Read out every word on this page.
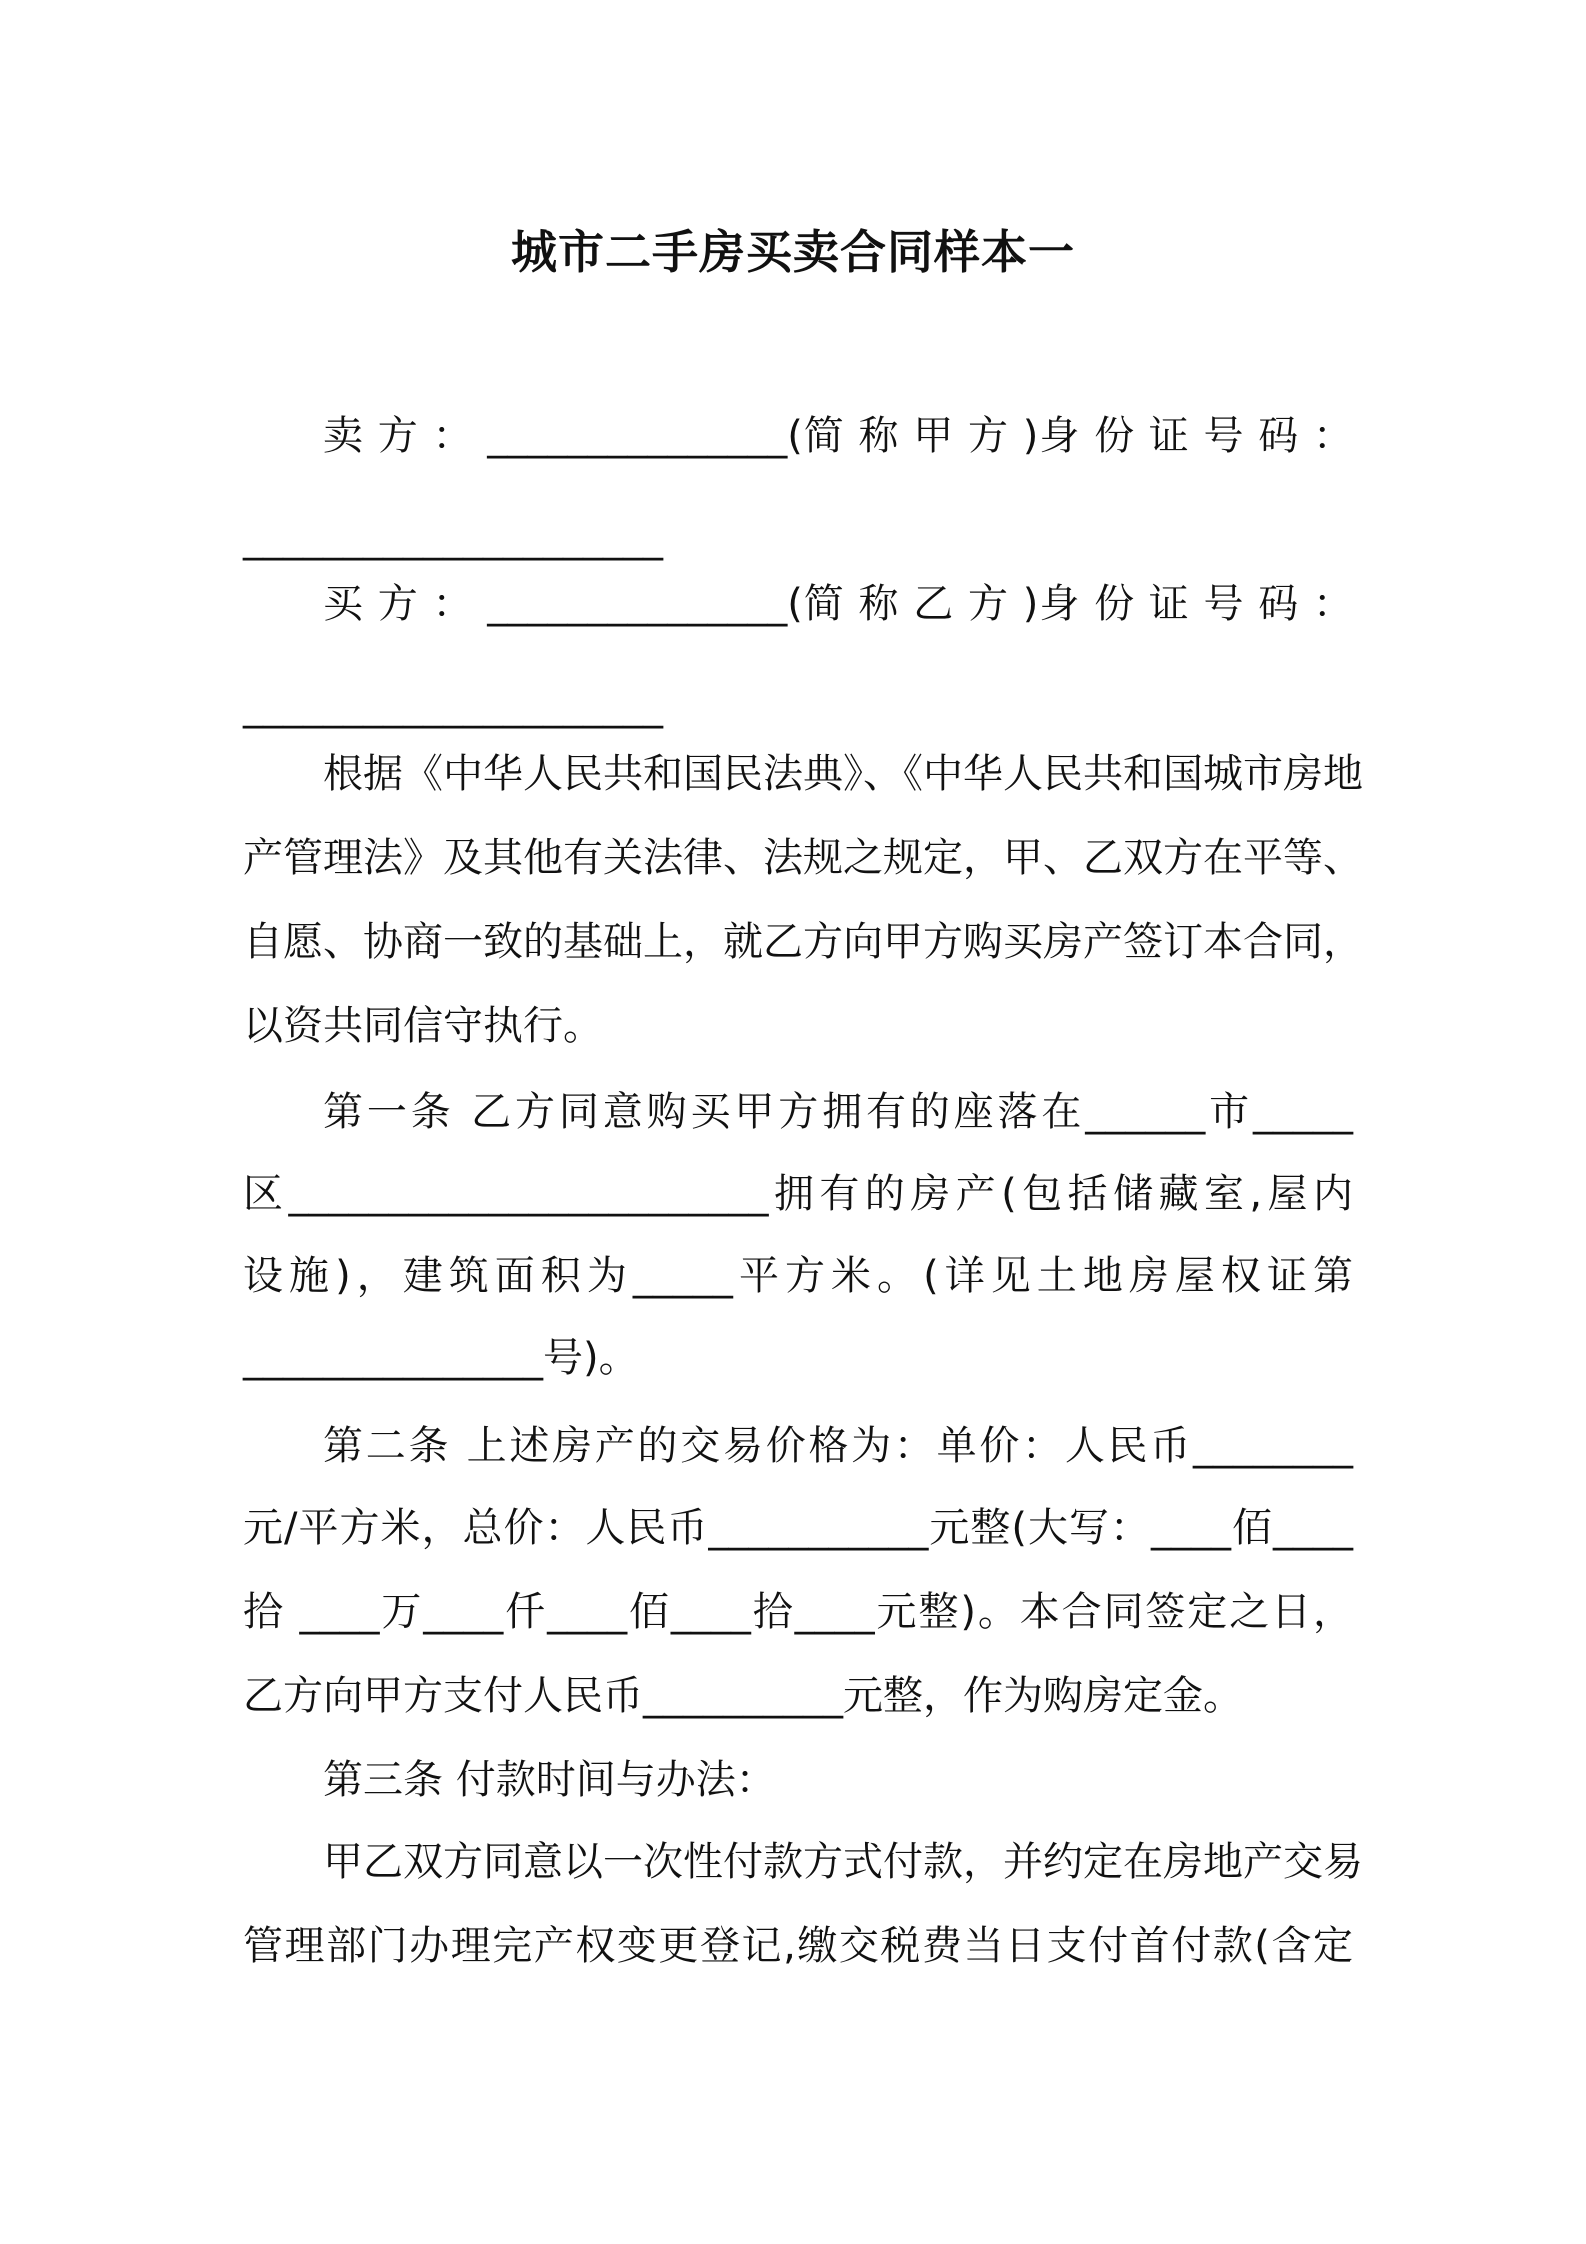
城市二手房买卖合同样本一
卖 方 ： _______________(简 称 甲 方 )身 份 证 号 码 ：
_____________________
买 方 ： _______________(简 称 乙 方 )身 份 证 号 码 ：
_____________________
根据《中华人民共和国民法典》、《中华人民共和国城市房地
产管理法》及其他有关法律、法规之规定，甲、乙双方在平等、
自愿、协商一致的基础上，就乙方向甲方购买房产签订本合同，
以资共同信守执行。
第一条 乙方同意购买甲方拥有的座落在______市_____
区________________________拥有的房产(包括储藏室,屋内
设施)，建筑面积为_____平方米。(详见土地房屋权证第
_______________号)。
第二条 上述房产的交易价格为：单价：人民币________
元/平方米，总价：人民币___________元整(大写：____佰____
拾 ____万____仟____佰____拾____元整)。本合同签定之日，
乙方向甲方支付人民币__________元整，作为购房定金。
第三条 付款时间与办法：
甲乙双方同意以一次性付款方式付款，并约定在房地产交易
管理部门办理完产权变更登记,缴交税费当日支付首付款(含定
